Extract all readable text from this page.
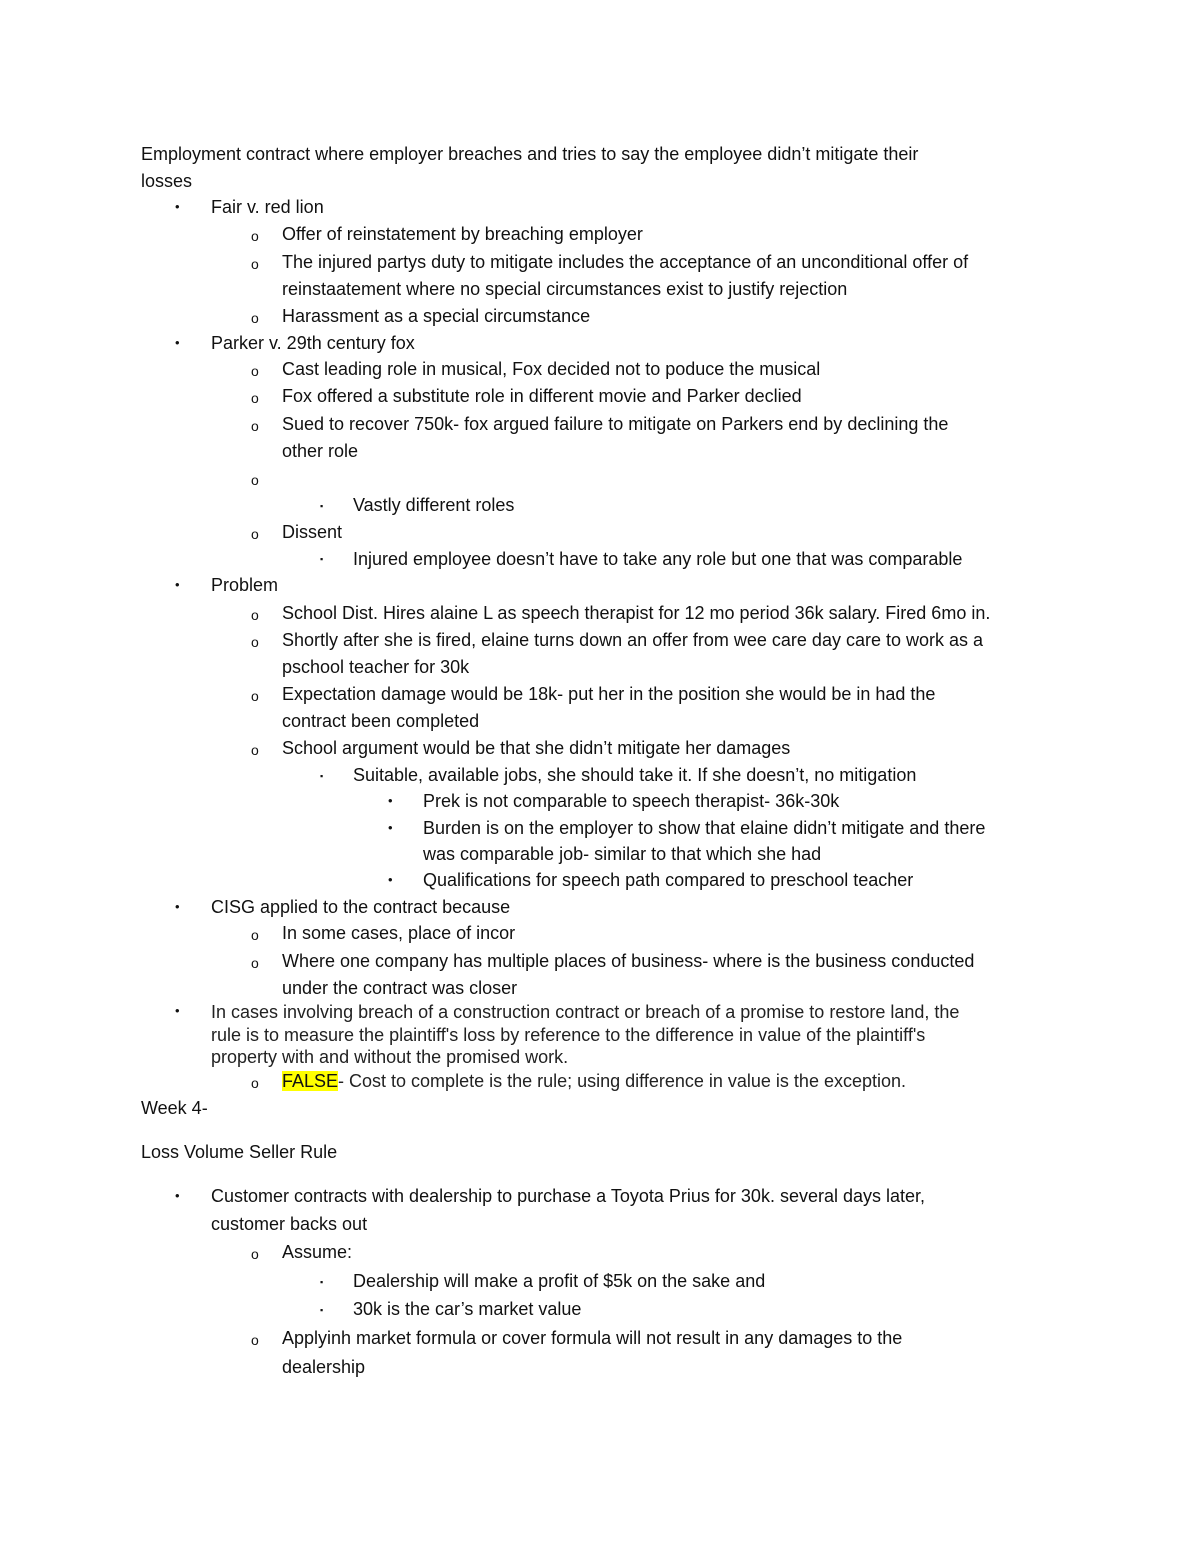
Employment contract where employer breaches and tries to say the employee didn’t mitigate their
losses
• Fair v. red lion
o Offer of reinstatement by breaching employer
o The injured partys duty to mitigate includes the acceptance of an unconditional offer of
reinstaatement where no special circumstances exist to justify rejection
o Harassment as a special circumstance
• Parker v. 29th century fox
o Cast leading role in musical, Fox decided not to poduce the musical
o Fox offered a substitute role in different movie and Parker declied
o Sued to recover 750k- fox argued failure to mitigate on Parkers end by declining the
other role
o
▪ Vastly different roles
o Dissent
▪ Injured employee doesn’t have to take any role but one that was comparable
• Problem
o School Dist. Hires alaine L as speech therapist for 12 mo period 36k salary. Fired 6mo in.
o Shortly after she is fired, elaine turns down an offer from wee care day care to work as a
pschool teacher for 30k
o Expectation damage would be 18k- put her in the position she would be in had the
contract been completed
o School argument would be that she didn’t mitigate her damages
▪ Suitable, available jobs, she should take it. If she doesn’t, no mitigation
• Prek is not comparable to speech therapist- 36k-30k
• Burden is on the employer to show that elaine didn’t mitigate and there
was comparable job- similar to that which she had
• Qualifications for speech path compared to preschool teacher
• CISG applied to the contract because
o In some cases, place of incor
o Where one company has multiple places of business- where is the business conducted
under the contract was closer
• In cases involving breach of a construction contract or breach of a promise to restore land, the
rule is to measure the plaintiff's loss by reference to the difference in value of the plaintiff's
property with and without the promised work.
o FALSE- Cost to complete is the rule; using difference in value is the exception.
Week 4-
Loss Volume Seller Rule
• Customer contracts with dealership to purchase a Toyota Prius for 30k. several days later,
customer backs out
o Assume:
▪ Dealership will make a profit of $5k on the sake and
▪ 30k is the car’s market value
o Applyinh market formula or cover formula will not result in any damages to the
dealership
